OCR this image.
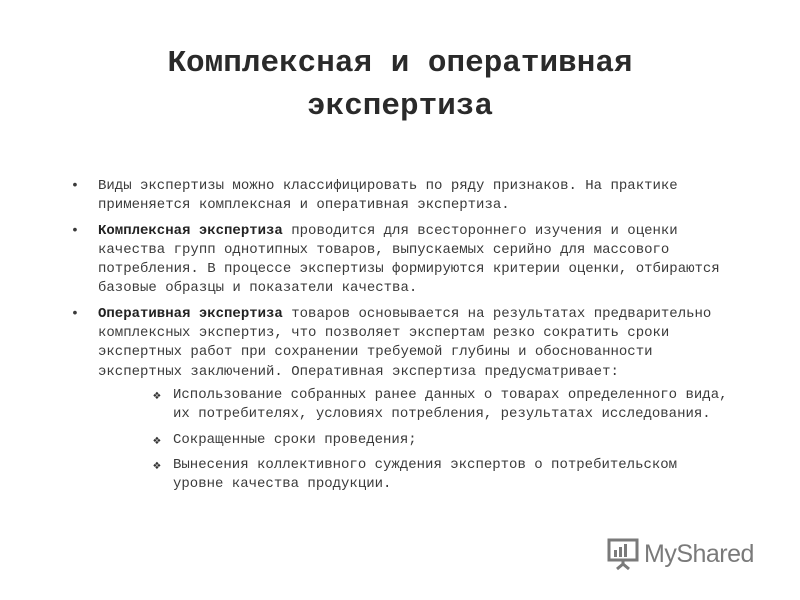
Комплексная и оперативная
экспертиза
• Виды экспертизы можно классифицировать по ряду признаков. На практике применяется комплексная и оперативная экспертиза.
• Комплексная экспертиза проводится для всестороннего изучения и оценки качества групп однотипных товаров, выпускаемых серийно для массового потребления. В процессе экспертизы формируются критерии оценки, отбираются базовые образцы и показатели качества.
• Оперативная экспертиза товаров основывается на результатах предварительно комплексных экспертиз, что позволяет экспертам резко сократить сроки экспертных работ при сохранении требуемой глубины и обоснованности экспертных заключений. Оперативная экспертиза предусматривает:
❖ Использование собранных ранее данных о товарах определенного вида, их потребителях, условиях потребления, результатах исследования.
❖ Сокращенные сроки проведения;
❖ Вынесения коллективного суждения экспертов о потребительском уровне качества продукции.
MyShared
